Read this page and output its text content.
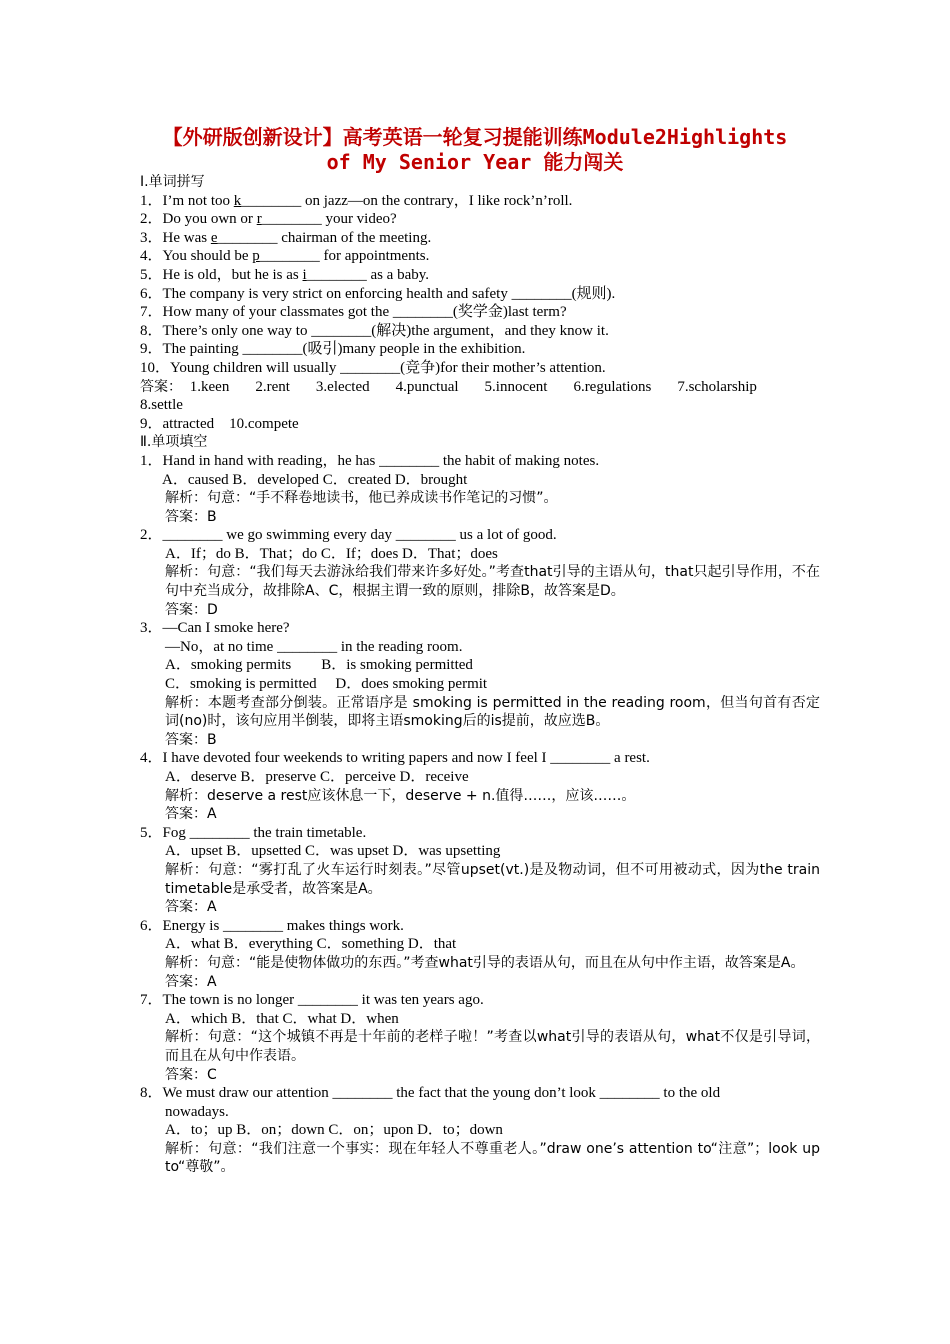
【外研版创新设计】高考英语一轮复习提能训练Module2Highlights
of My Senior Year 能力闯关
Ⅰ.单词拼写
1．I’m not too k________ on jazz—on the contrary，I like rock’n’roll.
2．Do you own or r________ your video?
3．He was e________ chairman of the meeting.
4．You should be p________ for appointments.
5．He is old，but he is as i________ as a baby.
6．The company is very strict on enforcing health and safety ________(规则).
7．How many of your classmates got the ________(奖学金)last term?
8．There’s only one way to ________(解决)the argument，and they know it.
9．The painting ________(吸引)many people in the exhibition.
10．Young children will usually ________(竞争)for their mother’s attention.
答案： 1.keen 2.rent 3.elected 4.punctual 5.innocent 6.regulations 7.scholarship
8.settle
9．attracted　10.compete
Ⅱ.单项填空
1．Hand in hand with reading，he has ________ the habit of making notes.
A．caused B．developed C．created D．brought
解析：句意：“手不释卷地读书，他已养成读书作笔记的习惯”。
答案：B
2．________ we go swimming every day ________ us a lot of good.
A．If；do B．That；do C．If；does D．That；does
解析：句意：“我们每天去游泳给我们带来许多好处。”考查that引导的主语从句，that只起引导作用，不在句中充当成分，故排除A、C，根据主谓一致的原则，排除B，故答案是D。
答案：D
3．—Can I smoke here?
—No，at no time ________ in the reading room.
A．smoking permits　　B．is smoking permitted
C．smoking is permitted　 D．does smoking permit
解析：本题考查部分倒装。正常语序是 smoking is permitted in the reading room，但当句首有否定词(no)时，该句应用半倒装，即将主语smoking后的is提前，故应选B。
答案：B
4．I have devoted four weekends to writing papers and now I feel I ________ a rest.
A．deserve B．preserve C．perceive D．receive
解析：deserve a rest应该休息一下，deserve + n.值得……，应该……。
答案：A
5．Fog ________ the train timetable.
A．upset B．upsetted C．was upset D．was upsetting
解析：句意：“雾打乱了火车运行时刻表。”尽管upset(vt.)是及物动词，但不可用被动式，因为the train timetable是承受者，故答案是A。
答案：A
6．Energy is ________ makes things work.
A．what B．everything C．something D．that
解析：句意：“能是使物体做功的东西。”考查what引导的表语从句，而且在从句中作主语，故答案是A。
答案：A
7．The town is no longer ________ it was ten years ago.
A．which B．that C．what D．when
解析：句意：“这个城镇不再是十年前的老样子啦！”考查以what引导的表语从句，what不仅是引导词，而且在从句中作表语。
答案：C
8．We must draw our attention ________ the fact that the young don’t look ________ to the old
nowadays.
A．to；up B．on；down C．on；upon D．to；down
解析：句意：“我们注意一个事实：现在年轻人不尊重老人。”draw one’s attention to“注意”；look up to“尊敬”。
